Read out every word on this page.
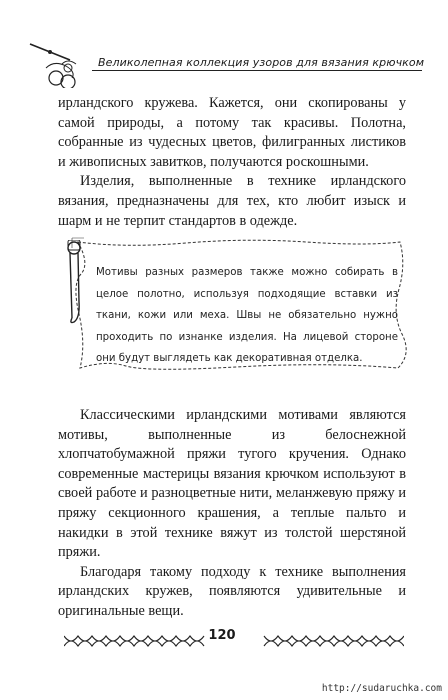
Великолепная коллекция узоров для вязания крючком

ирландского кружева. Кажется, они скопированы у самой природы, а потому так красивы. Полотна, собранные из чудесных цветов, филигранных листиков и живописных завитков, получаются роскошными.

Изделия, выполненные в технике ирландского вязания, предназначены для тех, кто любит изыск и шарм и не терпит стандартов в одежде.

Мотивы разных размеров также можно собирать в целое полотно, используя подходящие вставки из ткани, кожи или меха. Швы не обязательно нужно проходить по изнанке изделия. На лицевой стороне они будут выглядеть как декоративная отделка.

Классическими ирландскими мотивами являются мотивы, выполненные из белоснежной хлопчатобумажной пряжи тугого кручения. Однако современные мастерицы вязания крючком используют в своей работе и разноцветные нити, меланжевую пряжу и пряжу секционного крашения, а теплые пальто и накидки в этой технике вяжут из толстой шерстяной пряжи.

Благодаря такому подходу к технике выполнения ирландских кружев, появляются удивительные и оригинальные вещи.

120
http://sudaruchka.com
